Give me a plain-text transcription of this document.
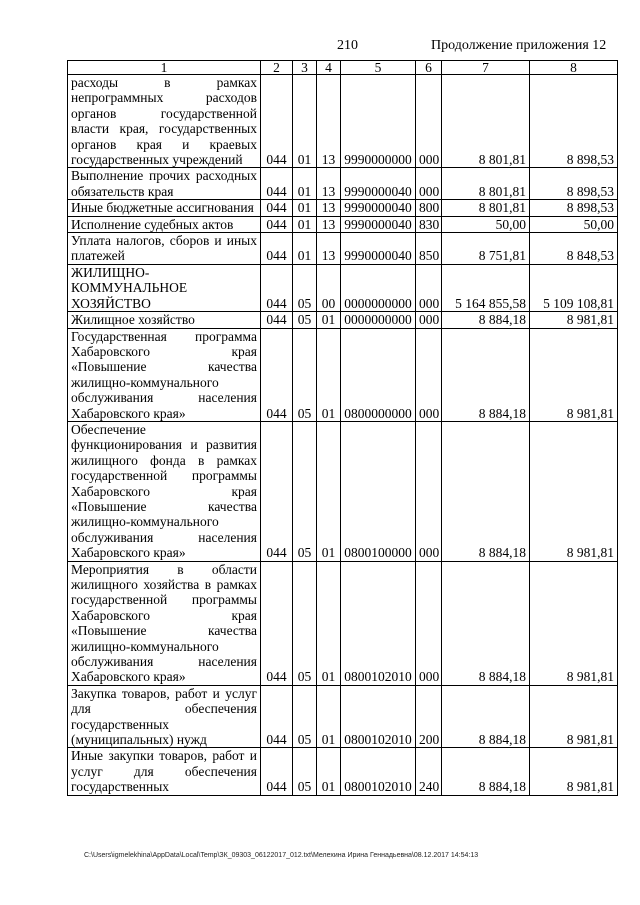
210	Продолжение приложения 12
1	2	3	4	5	6	7	8
расходы в рамках непрограммных расходов органов государственной власти края, государственных органов края и краевых государственных учреждений	044	01	13	9990000000	000	8 801,81	8 898,53
Выполнение прочих расходных обязательств края	044	01	13	9990000040	000	8 801,81	8 898,53
Иные бюджетные ассигнования	044	01	13	9990000040	800	8 801,81	8 898,53
Исполнение судебных актов	044	01	13	9990000040	830	50,00	50,00
Уплата налогов, сборов и иных платежей	044	01	13	9990000040	850	8 751,81	8 848,53
ЖИЛИЩНО-КОММУНАЛЬНОЕ ХОЗЯЙСТВО	044	05	00	0000000000	000	5 164 855,58	5 109 108,81
Жилищное хозяйство	044	05	01	0000000000	000	8 884,18	8 981,81
Государственная программа Хабаровского края «Повышение качества жилищно-коммунального обслуживания населения Хабаровского края»	044	05	01	0800000000	000	8 884,18	8 981,81
Обеспечение функционирования и развития жилищного фонда в рамках государственной программы Хабаровского края «Повышение качества жилищно-коммунального обслуживания населения Хабаровского края»	044	05	01	0800100000	000	8 884,18	8 981,81
Мероприятия в области жилищного хозяйства в рамках государственной программы Хабаровского края «Повышение качества жилищно-коммунального обслуживания населения Хабаровского края»	044	05	01	0800102010	000	8 884,18	8 981,81
Закупка товаров, работ и услуг для обеспечения государственных (муниципальных) нужд	044	05	01	0800102010	200	8 884,18	8 981,81
Иные закупки товаров, работ и услуг для обеспечения государственных	044	05	01	0800102010	240	8 884,18	8 981,81
C:\Users\igmelekhina\AppData\Local\Temp\ЗК_09303_06122017_012.txt\Мелехина Ирина Геннадьевна\08.12.2017 14:54:13
